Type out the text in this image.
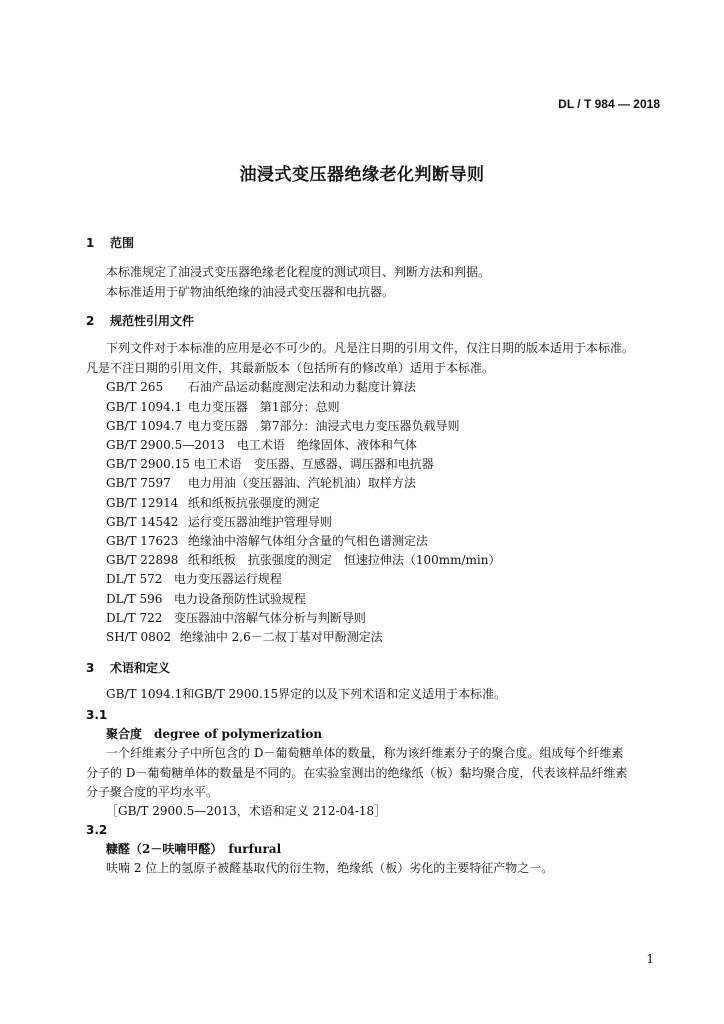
DL / T 984 — 2018
油浸式变压器绝缘老化判断导则
1 范围
本标准规定了油浸式变压器绝缘老化程度的测试项目、判断方法和判据。
本标准适用于矿物油纸绝缘的油浸式变压器和电抗器。
2 规范性引用文件
下列文件对于本标准的应用是必不可少的。凡是注日期的引用文件，仅注日期的版本适用于本标准。
凡是不注日期的引用文件，其最新版本（包括所有的修改单）适用于本标准。
GB/T 265 石油产品运动黏度测定法和动力黏度计算法
GB/T 1094.1 电力变压器　第1部分：总则
GB/T 1094.7 电力变压器　第7部分：油浸式电力变压器负载导则
GB/T 2900.5—2013　 电工术语　绝缘固体、液体和气体
GB/T 2900.15 电工术语　变压器、互感器、调压器和电抗器
GB/T 7597 电力用油（变压器油、汽轮机油）取样方法
GB/T 12914 纸和纸板抗张强度的测定
GB/T 14542 运行变压器油维护管理导则
GB/T 17623 绝缘油中溶解气体组分含量的气相色谱测定法
GB/T 22898 纸和纸板　抗张强度的测定　恒速拉伸法（100mm/min）
DL/T 572 电力变压器运行规程
DL/T 596 电力设备预防性试验规程
DL/T 722 变压器油中溶解气体分析与判断导则
SH/T 0802 绝缘油中 2,6－二叔丁基对甲酚测定法
3 术语和定义
GB/T 1094.1和GB/T 2900.15界定的以及下列术语和定义适用于本标准。
3.1
聚合度　 degree of polymerization
一个纤维素分子中所包含的 D－葡萄糖单体的数量，称为该纤维素分子的聚合度。组成每个纤维素
分子的 D－葡萄糖单体的数量是不同的。在实验室测出的绝缘纸（板）黏均聚合度，代表该样品纤维素
分子聚合度的平均水平。
［GB/T 2900.5—2013，术语和定义 212-04-18］
3.2
糠醛（2－呋喃甲醛）　 furfural
呋喃 2 位上的氢原子被醛基取代的衍生物，绝缘纸（板）劣化的主要特征产物之一。
1
